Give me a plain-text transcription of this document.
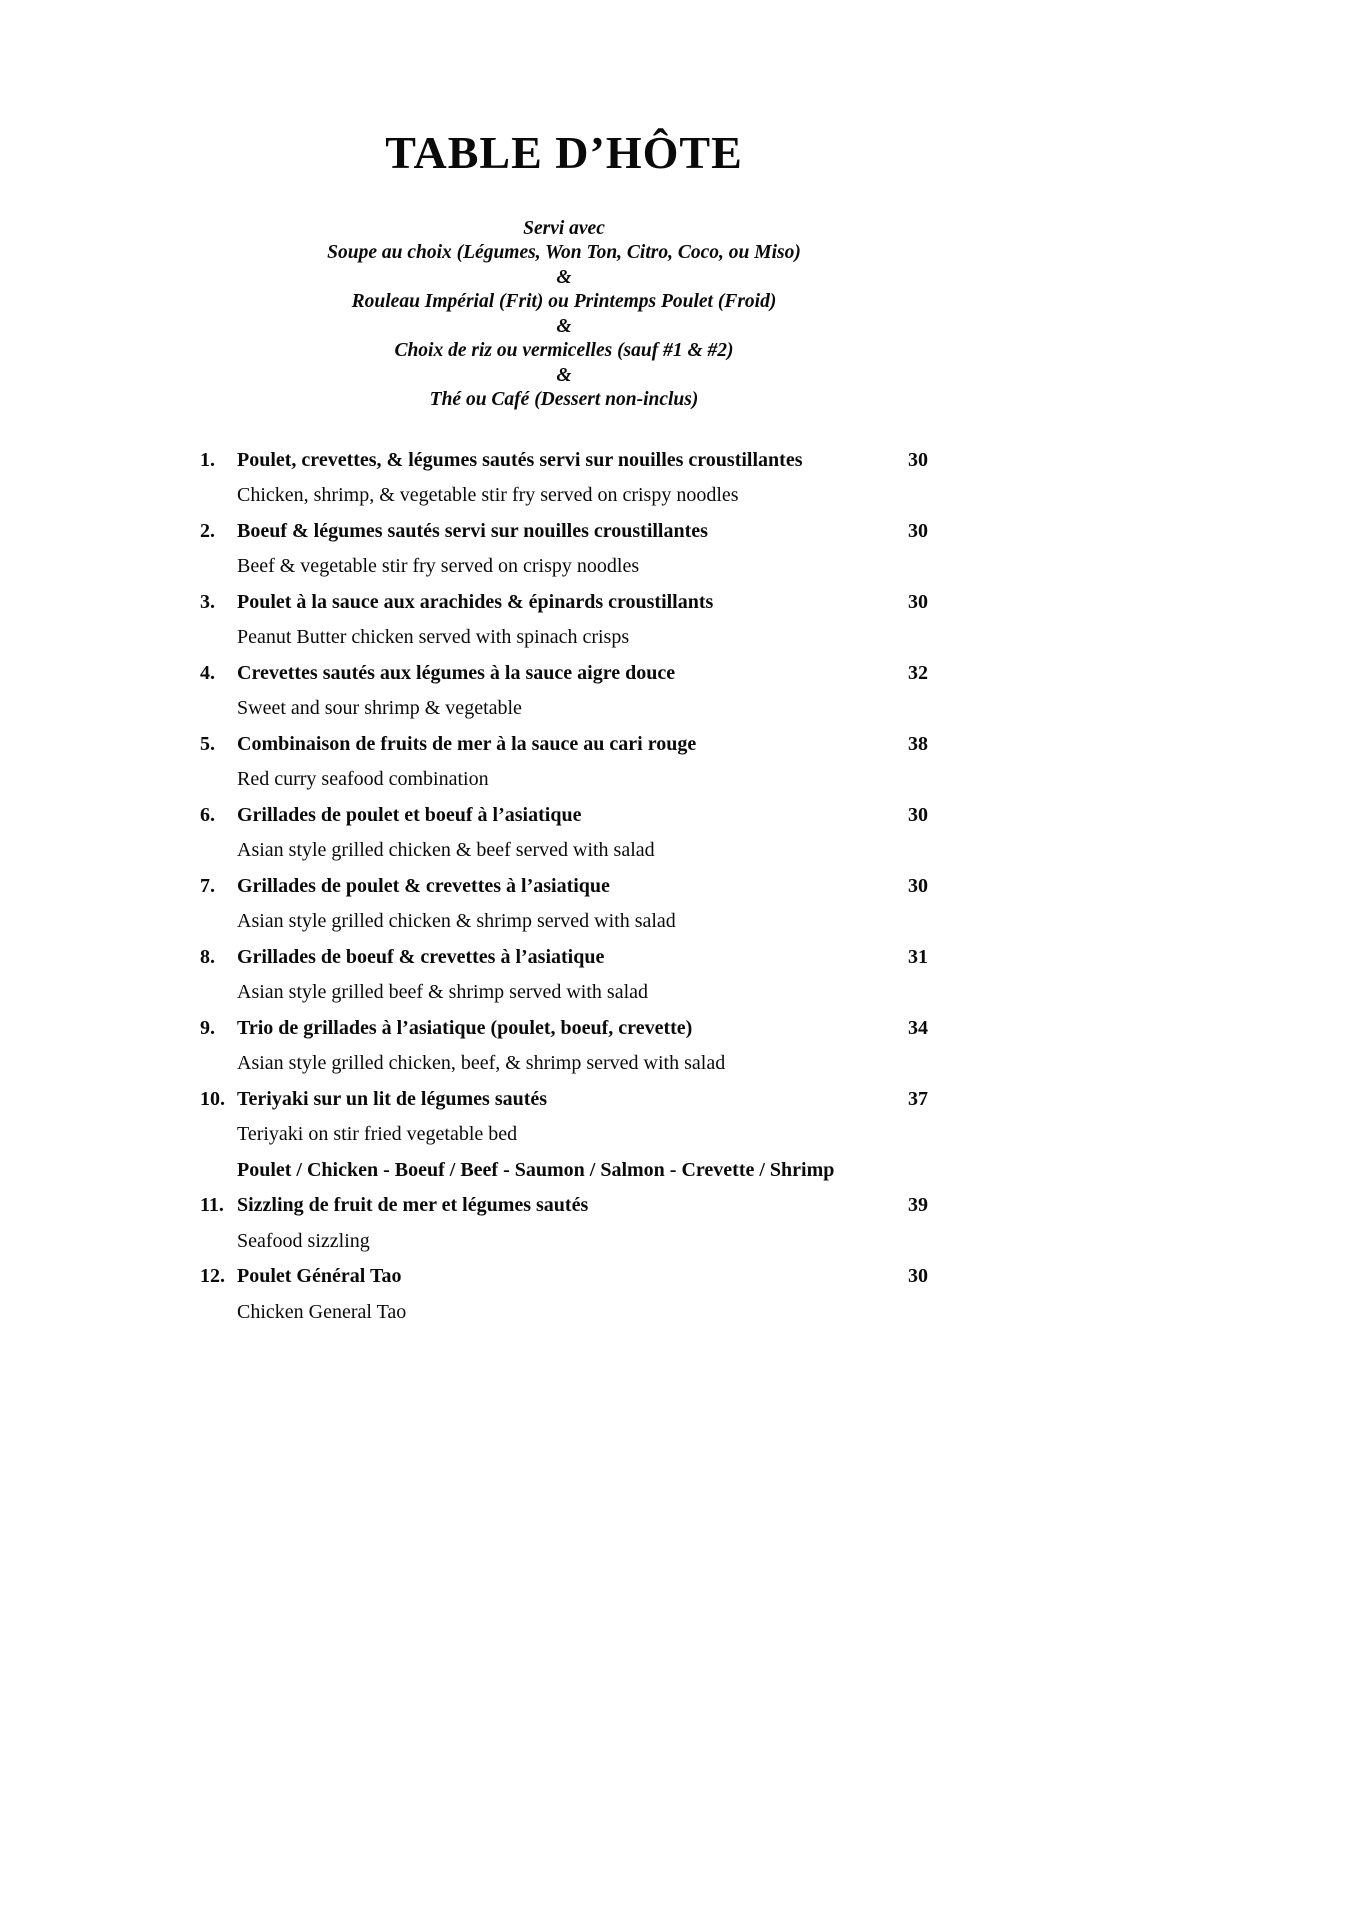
TABLE D’HÔTE
Servi avec
Soupe au choix (Légumes, Won Ton, Citro, Coco, ou Miso)
&
Rouleau Impérial (Frit) ou Printemps Poulet (Froid)
&
Choix de riz ou vermicelles (sauf #1 & #2)
&
Thé ou Café (Dessert non-inclus)
1.	Poulet, crevettes, & légumes sautés servi sur nouilles croustillantes	30
Chicken, shrimp, & vegetable stir fry served on crispy noodles
2.	Boeuf & légumes sautés servi sur nouilles croustillantes	30
Beef & vegetable stir fry served on crispy noodles
3.	Poulet à la sauce aux arachides & épinards croustillants	30
Peanut Butter chicken served with spinach crisps
4.	Crevettes sautés aux légumes à la sauce aigre douce	32
Sweet and sour shrimp & vegetable
5.	Combinaison de fruits de mer à la sauce au cari rouge	38
Red curry seafood combination
6.	Grillades de poulet et boeuf à l’asiatique	30
Asian style grilled chicken & beef served with salad
7.	Grillades de poulet & crevettes à l’asiatique	30
Asian style grilled chicken & shrimp served with salad
8.	Grillades de boeuf & crevettes à l’asiatique	31
Asian style grilled beef & shrimp served with salad
9.	Trio de grillades à l’asiatique (poulet, boeuf, crevette)	34
Asian style grilled chicken, beef, & shrimp served with salad
10. Teriyaki sur un lit de légumes sautés	37
Teriyaki on stir fried vegetable bed
Poulet / Chicken - Boeuf / Beef - Saumon / Salmon - Crevette / Shrimp
11. Sizzling de fruit de mer et légumes sautés	39
Seafood sizzling
12. Poulet Général Tao	30
Chicken General Tao
